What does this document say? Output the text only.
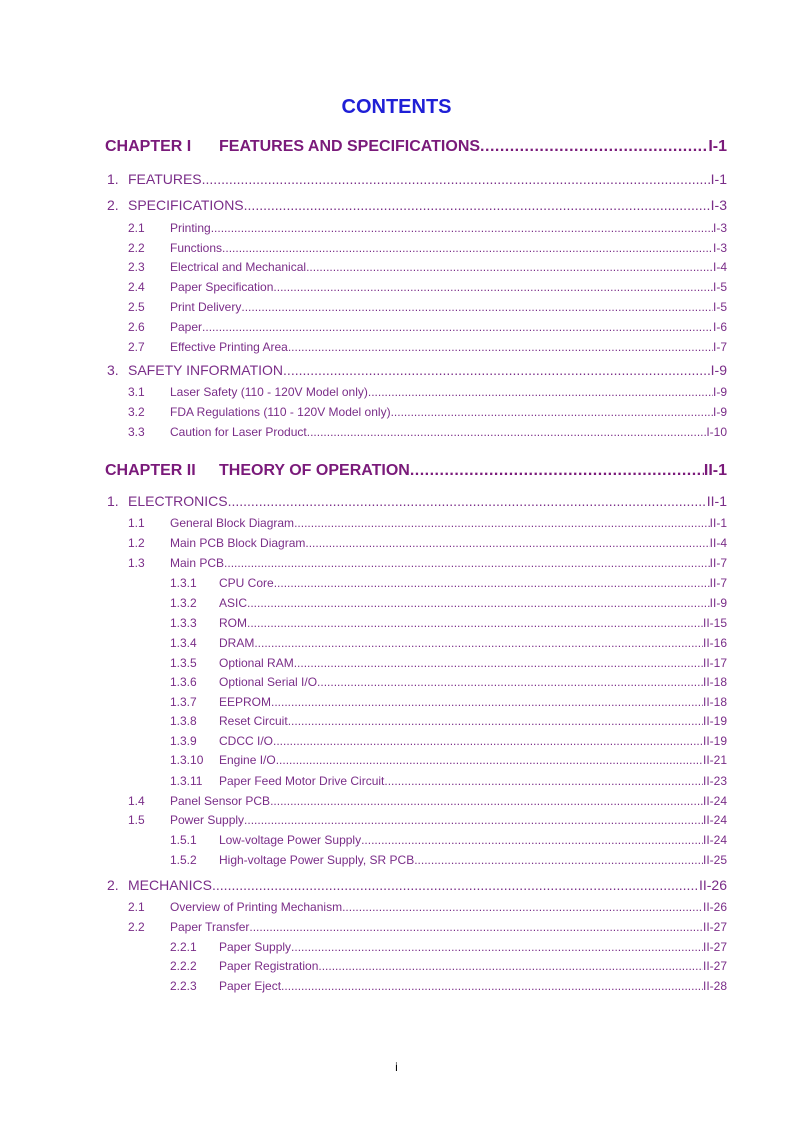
CONTENTS
CHAPTER I	FEATURES AND SPECIFICATIONS .....	I-1
1. FEATURES .....	I-1
2. SPECIFICATIONS .....	I-3
2.1	Printing .....	I-3
2.2	Functions .....	I-3
2.3	Electrical and Mechanical .....	I-4
2.4	Paper Specification .....	I-5
2.5	Print Delivery .....	I-5
2.6	Paper .....	I-6
2.7	Effective Printing Area .....	I-7
3. SAFETY INFORMATION .....	I-9
3.1	Laser Safety (110 - 120V Model only) .....	I-9
3.2	FDA Regulations (110 - 120V Model only) .....	I-9
3.3	Caution for Laser Product .....	I-10
CHAPTER II	THEORY OF OPERATION .....	II-1
1. ELECTRONICS .....	II-1
1.1	General Block Diagram .....	II-1
1.2	Main PCB Block Diagram .....	II-4
1.3	Main PCB .....	II-7
1.3.1	CPU Core .....	II-7
1.3.2	ASIC .....	II-9
1.3.3	ROM .....	II-15
1.3.4	DRAM .....	II-16
1.3.5	Optional RAM .....	II-17
1.3.6	Optional Serial I/O .....	II-18
1.3.7	EEPROM .....	II-18
1.3.8	Reset Circuit .....	II-19
1.3.9	CDCC I/O .....	II-19
1.3.10	Engine I/O .....	II-21
1.3.11	Paper Feed Motor Drive Circuit .....	II-23
1.4	Panel Sensor PCB .....	II-24
1.5	Power Supply .....	II-24
1.5.1	Low-voltage Power Supply .....	II-24
1.5.2	High-voltage Power Supply, SR PCB .....	II-25
2. MECHANICS .....	II-26
2.1	Overview of Printing Mechanism .....	II-26
2.2	Paper Transfer .....	II-27
2.2.1	Paper Supply .....	II-27
2.2.2	Paper Registration .....	II-27
2.2.3	Paper Eject .....	II-28
i
